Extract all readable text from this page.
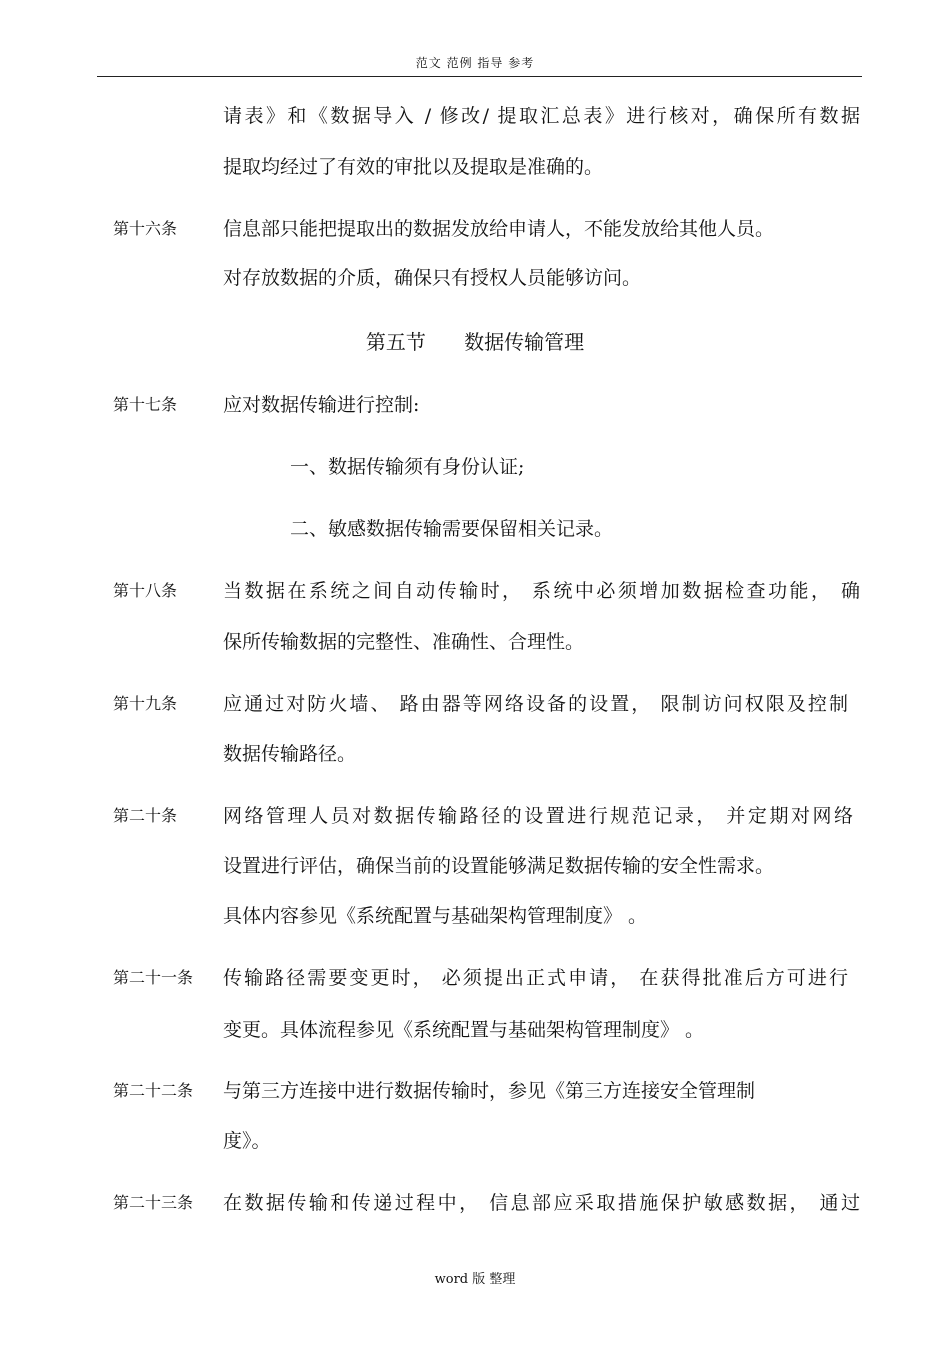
范文 范例 指导 参考
请表》和《数据导入 / 修改/ 提取汇总表》进行核对，确保所有数据
提取均经过了有效的审批以及提取是准确的。
第十六条 信息部只能把提取出的数据发放给申请人，不能发放给其他人员。
对存放数据的介质，确保只有授权人员能够访问。
第五节      数据传输管理
第十七条 应对数据传输进行控制:
一、数据传输须有身份认证;
二、敏感数据传输需要保留相关记录。
第十八条 当数据在系统之间自动传输时， 系统中必须增加数据检查功能， 确
保所传输数据的完整性、准确性、合理性。
第十九条 应通过对防火墙、 路由器等网络设备的设置， 限制访问权限及控制
数据传输路径。
第二十条 网络管理人员对数据传输路径的设置进行规范记录， 并定期对网络
设置进行评估，确保当前的设置能够满足数据传输的安全性需求。
具体内容参见《系统配置与基础架构管理制度》 。
第二十一条 传输路径需要变更时， 必须提出正式申请， 在获得批准后方可进行
变更。具体流程参见《系统配置与基础架构管理制度》 。
第二十二条 与第三方连接中进行数据传输时，参见《第三方连接安全管理制
度》。
第二十三条 在数据传输和传递过程中， 信息部应采取措施保护敏感数据， 通过
word 版 整理
